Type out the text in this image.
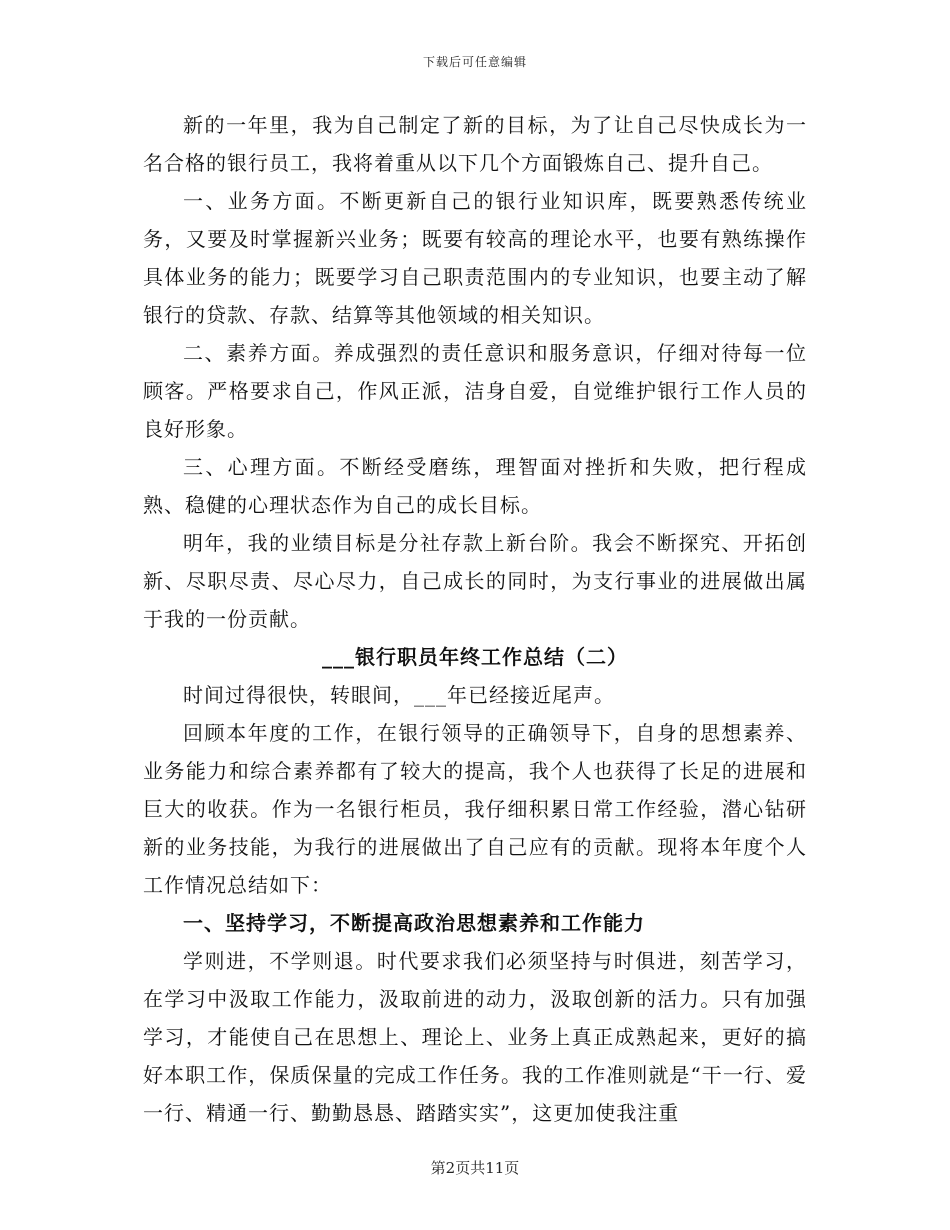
下载后可任意编辑

新的一年里，我为自己制定了新的目标，为了让自己尽快成长为一名合格的银行员工，我将着重从以下几个方面锻炼自己、提升自己。

一、业务方面。不断更新自己的银行业知识库，既要熟悉传统业务，又要及时掌握新兴业务；既要有较高的理论水平，也要有熟练操作具体业务的能力；既要学习自己职责范围内的专业知识，也要主动了解银行的贷款、存款、结算等其他领域的相关知识。

二、素养方面。养成强烈的责任意识和服务意识，仔细对待每一位顾客。严格要求自己，作风正派，洁身自爱，自觉维护银行工作人员的良好形象。

三、心理方面。不断经受磨练，理智面对挫折和失败，把行程成熟、稳健的心理状态作为自己的成长目标。

明年，我的业绩目标是分社存款上新台阶。我会不断探究、开拓创新、尽职尽责、尽心尽力，自己成长的同时，为支行事业的进展做出属于我的一份贡献。

___银行职员年终工作总结（二）

时间过得很快，转眼间，___年已经接近尾声。

回顾本年度的工作，在银行领导的正确领导下，自身的思想素养、业务能力和综合素养都有了较大的提高，我个人也获得了长足的进展和巨大的收获。作为一名银行柜员，我仔细积累日常工作经验，潜心钻研新的业务技能，为我行的进展做出了自己应有的贡献。现将本年度个人工作情况总结如下：

一、坚持学习，不断提高政治思想素养和工作能力

学则进，不学则退。时代要求我们必须坚持与时俱进，刻苦学习，在学习中汲取工作能力，汲取前进的动力，汲取创新的活力。只有加强学习，才能使自己在思想上、理论上、业务上真正成熟起来，更好的搞好本职工作，保质保量的完成工作任务。我的工作准则就是“干一行、爱一行、精通一行、勤勤恳恳、踏踏实实”，这更加使我注重

第2页共11页
